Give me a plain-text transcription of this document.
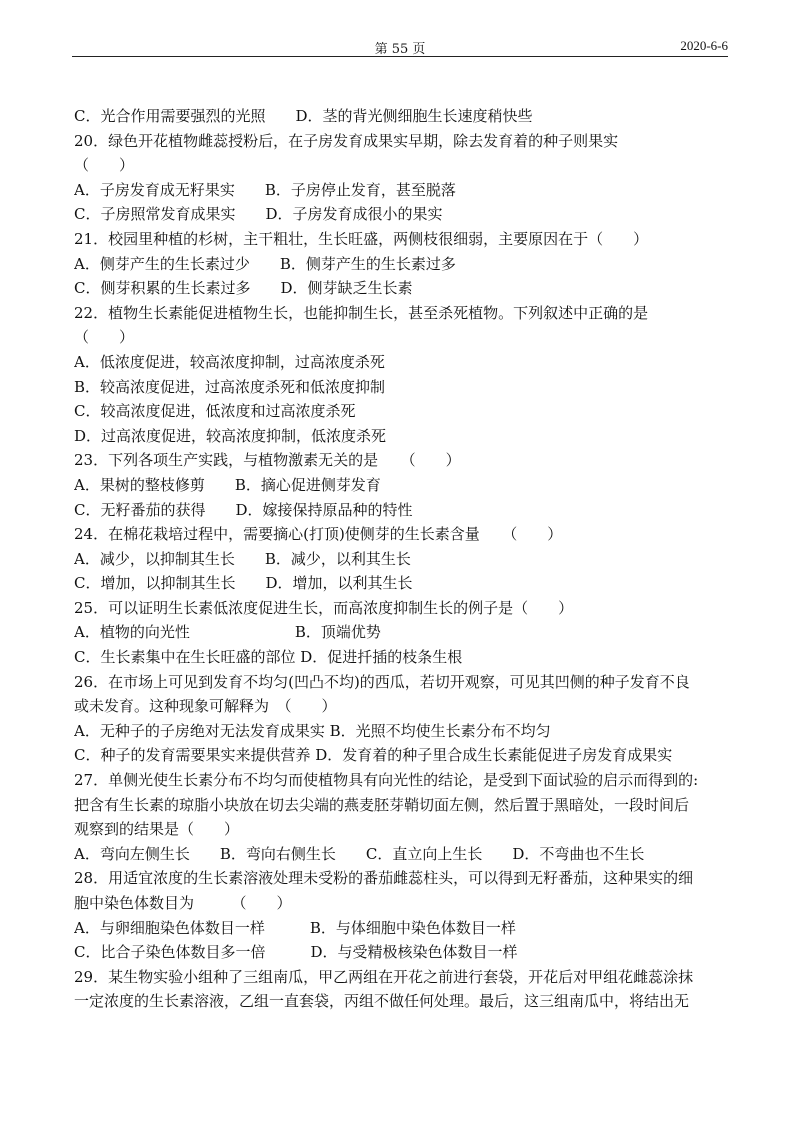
第 55 页	2020-6-6
C．光合作用需要强烈的光照　　D．茎的背光侧细胞生长速度稍快些
20．绿色开花植物雌蕊授粉后，在子房发育成果实早期，除去发育着的种子则果实
（　　）
A．子房发育成无籽果实　　B．子房停止发育，甚至脱落
C．子房照常发育成果实　　D．子房发育成很小的果实
21．校园里种植的杉树，主干粗壮，生长旺盛，两侧枝很细弱，主要原因在于（　　）
A．侧芽产生的生长素过少　　B．侧芽产生的生长素过多
C．侧芽积累的生长素过多　　D．侧芽缺乏生长素
22．植物生长素能促进植物生长，也能抑制生长，甚至杀死植物。下列叙述中正确的是
（　　）
A．低浓度促进，较高浓度抑制，过高浓度杀死
B．较高浓度促进，过高浓度杀死和低浓度抑制
C．较高浓度促进，低浓度和过高浓度杀死
D．过高浓度促进，较高浓度抑制，低浓度杀死
23．下列各项生产实践，与植物激素无关的是　　（　　）
A．果树的整枝修剪　　B．摘心促进侧芽发育
C．无籽番茄的获得　　D．嫁接保持原品种的特性
24．在棉花栽培过程中，需要摘心(打顶)使侧芽的生长素含量　　（　　）
A．减少，以抑制其生长　　B．减少，以利其生长
C．增加，以抑制其生长　　D．增加，以利其生长
25．可以证明生长素低浓度促进生长，而高浓度抑制生长的例子是（　　）
A．植物的向光性　　　　　　　B．顶端优势
C．生长素集中在生长旺盛的部位 D．促进扦插的枝条生根
26．在市场上可见到发育不均匀(凹凸不均)的西瓜，若切开观察，可见其凹侧的种子发育不良
或未发育。这种现象可解释为　（　　）
A．无种子的子房绝对无法发育成果实 B．光照不均使生长素分布不均匀
C．种子的发育需要果实来提供营养 D．发育着的种子里合成生长素能促进子房发育成果实
27．单侧光使生长素分布不均匀而使植物具有向光性的结论，是受到下面试验的启示而得到的:
把含有生长素的琼脂小块放在切去尖端的燕麦胚芽鞘切面左侧，然后置于黑暗处，一段时间后
观察到的结果是（　　）
A．弯向左侧生长　　B．弯向右侧生长　　C．直立向上生长　　D．不弯曲也不生长
28．用适宜浓度的生长素溶液处理未受粉的番茄雌蕊柱头，可以得到无籽番茄，这种果实的细
胞中染色体数目为　　　（　　）
A．与卵细胞染色体数目一样　　　B．与体细胞中染色体数目一样
C．比合子染色体数目多一倍　　　D．与受精极核染色体数目一样
29．某生物实验小组种了三组南瓜，甲乙两组在开花之前进行套袋，开花后对甲组花雌蕊涂抹
一定浓度的生长素溶液，乙组一直套袋，丙组不做任何处理。最后，这三组南瓜中，将结出无
